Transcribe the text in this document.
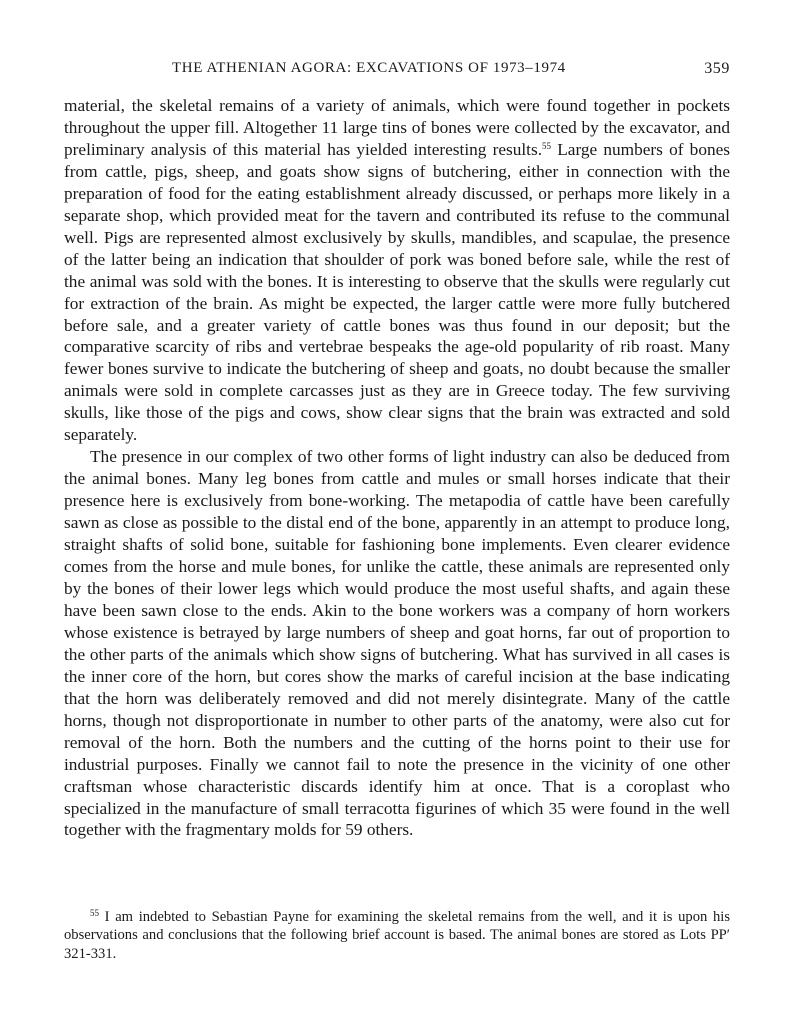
THE ATHENIAN AGORA: EXCAVATIONS OF 1973–1974	359

material, the skeletal remains of a variety of animals, which were found together in pockets throughout the upper fill. Altogether 11 large tins of bones were collected by the excavator, and preliminary analysis of this material has yielded interesting results.$^{55}$ Large numbers of bones from cattle, pigs, sheep, and goats show signs of butchering, either in connection with the preparation of food for the eating establishment already discussed, or perhaps more likely in a separate shop, which provided meat for the tavern and contributed its refuse to the communal well. Pigs are represented almost exclusively by skulls, mandibles, and scapulae, the presence of the latter being an indication that shoulder of pork was boned before sale, while the rest of the animal was sold with the bones. It is interesting to observe that the skulls were regularly cut for extraction of the brain. As might be expected, the larger cattle were more fully butchered before sale, and a greater variety of cattle bones was thus found in our deposit; but the comparative scarcity of ribs and vertebrae bespeaks the age-old popularity of rib roast. Many fewer bones survive to indicate the butchering of sheep and goats, no doubt because the smaller animals were sold in complete carcasses just as they are in Greece today. The few surviving skulls, like those of the pigs and cows, show clear signs that the brain was extracted and sold separately.

The presence in our complex of two other forms of light industry can also be deduced from the animal bones. Many leg bones from cattle and mules or small horses indicate that their presence here is exclusively from bone-working. The metapodia of cattle have been carefully sawn as close as possible to the distal end of the bone, apparently in an attempt to produce long, straight shafts of solid bone, suitable for fashioning bone implements. Even clearer evidence comes from the horse and mule bones, for unlike the cattle, these animals are represented only by the bones of their lower legs which would produce the most useful shafts, and again these have been sawn close to the ends. Akin to the bone workers was a company of horn workers whose existence is betrayed by large numbers of sheep and goat horns, far out of proportion to the other parts of the animals which show signs of butchering. What has survived in all cases is the inner core of the horn, but cores show the marks of careful incision at the base indicating that the horn was deliberately removed and did not merely disintegrate. Many of the cattle horns, though not disproportionate in number to other parts of the anatomy, were also cut for removal of the horn. Both the numbers and the cutting of the horns point to their use for industrial purposes. Finally we cannot fail to note the presence in the vicinity of one other craftsman whose characteristic discards identify him at once. That is a coroplast who specialized in the manufacture of small terracotta figurines of which 35 were found in the well together with the fragmentary molds for 59 others.

$^{55}$ I am indebted to Sebastian Payne for examining the skeletal remains from the well, and it is upon his observations and conclusions that the following brief account is based. The animal bones are stored as Lots PP′ 321-331.
